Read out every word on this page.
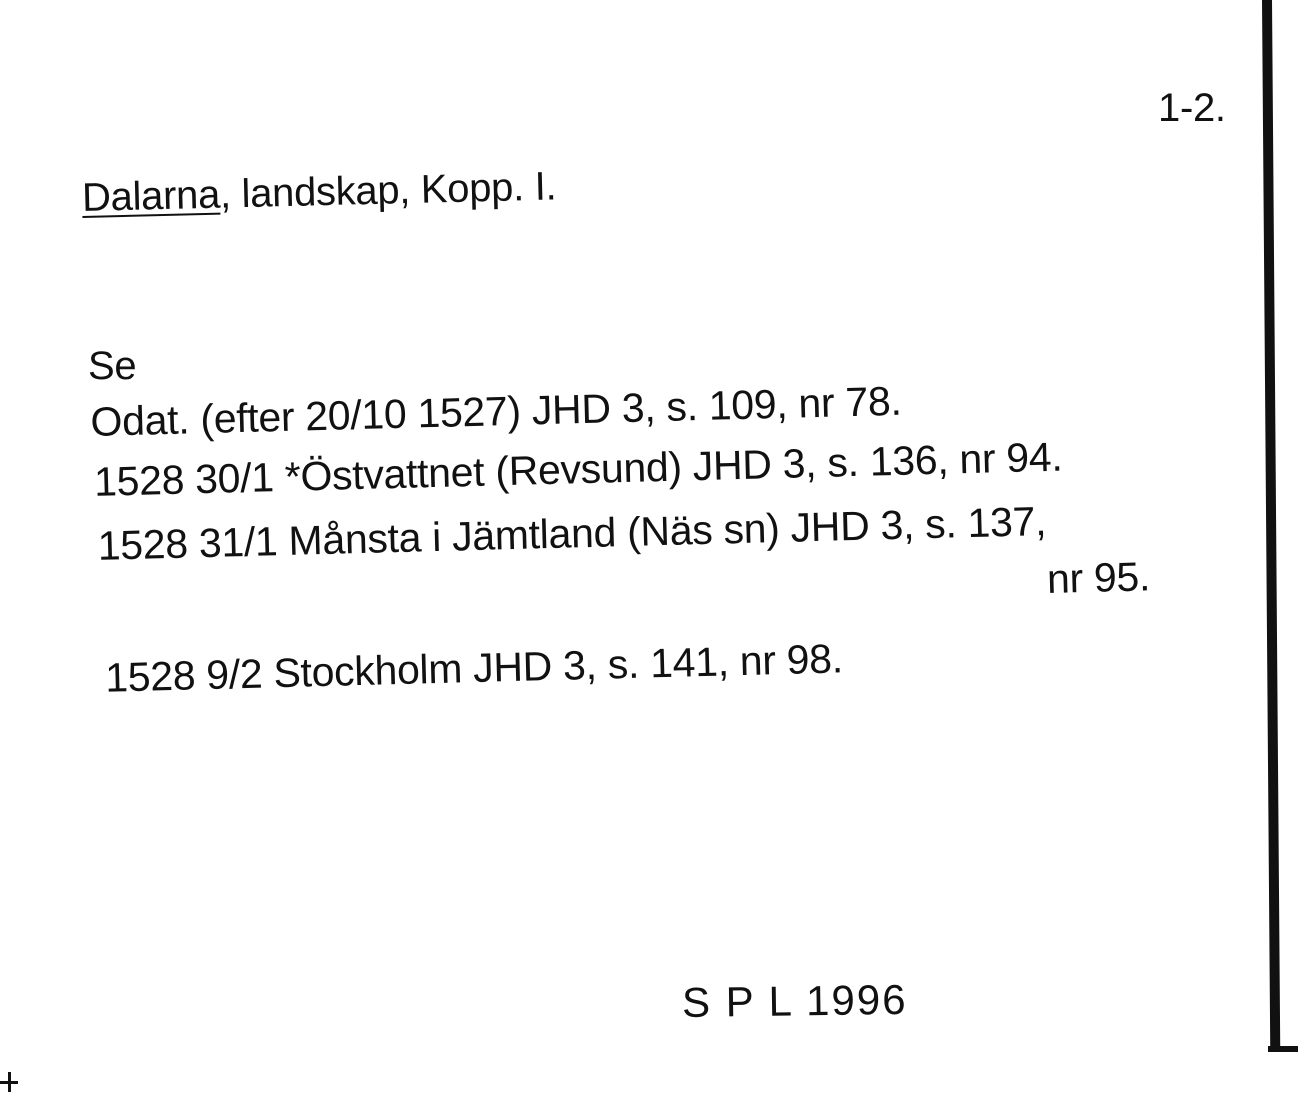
1-2.
Dalarna, landskap, Kopp. I.
Se
Odat. (efter 20/10 1527) JHD 3, s. 109, nr 78.
1528 30/1 *Östvattnet (Revsund) JHD 3, s. 136, nr 94.
1528 31/1 Månsta i Jämtland (Näs sn) JHD 3, s. 137,
nr 95.
1528 9/2 Stockholm JHD 3, s. 141, nr 98.
S P L 1996
